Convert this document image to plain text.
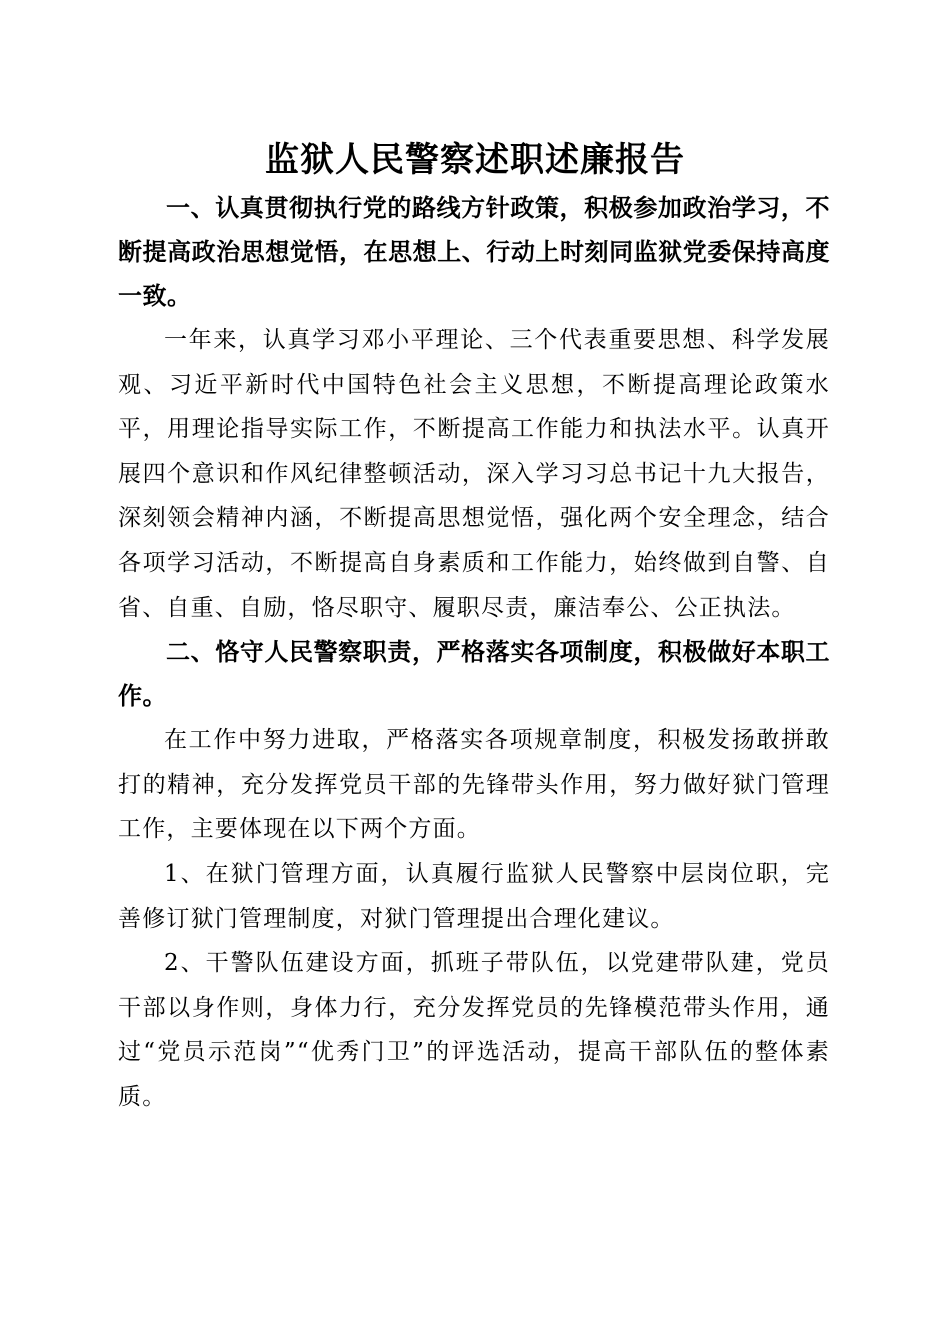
监狱人民警察述职述廉报告

一、认真贯彻执行党的路线方针政策，积极参加政治学习，不断提高政治思想觉悟，在思想上、行动上时刻同监狱党委保持高度一致。

一年来，认真学习邓小平理论、三个代表重要思想、科学发展观、习近平新时代中国特色社会主义思想，不断提高理论政策水平，用理论指导实际工作，不断提高工作能力和执法水平。认真开展四个意识和作风纪律整顿活动，深入学习习总书记十九大报告，深刻领会精神内涵，不断提高思想觉悟，强化两个安全理念，结合各项学习活动，不断提高自身素质和工作能力，始终做到自警、自省、自重、自励，恪尽职守、履职尽责，廉洁奉公、公正执法。

二、恪守人民警察职责，严格落实各项制度，积极做好本职工作。

在工作中努力进取，严格落实各项规章制度，积极发扬敢拼敢打的精神，充分发挥党员干部的先锋带头作用，努力做好狱门管理工作，主要体现在以下两个方面。

1、在狱门管理方面，认真履行监狱人民警察中层岗位职，完善修订狱门管理制度，对狱门管理提出合理化建议。

2、干警队伍建设方面，抓班子带队伍，以党建带队建，党员干部以身作则，身体力行，充分发挥党员的先锋模范带头作用，通过“党员示范岗”“优秀门卫”的评选活动，提高干部队伍的整体素质。
